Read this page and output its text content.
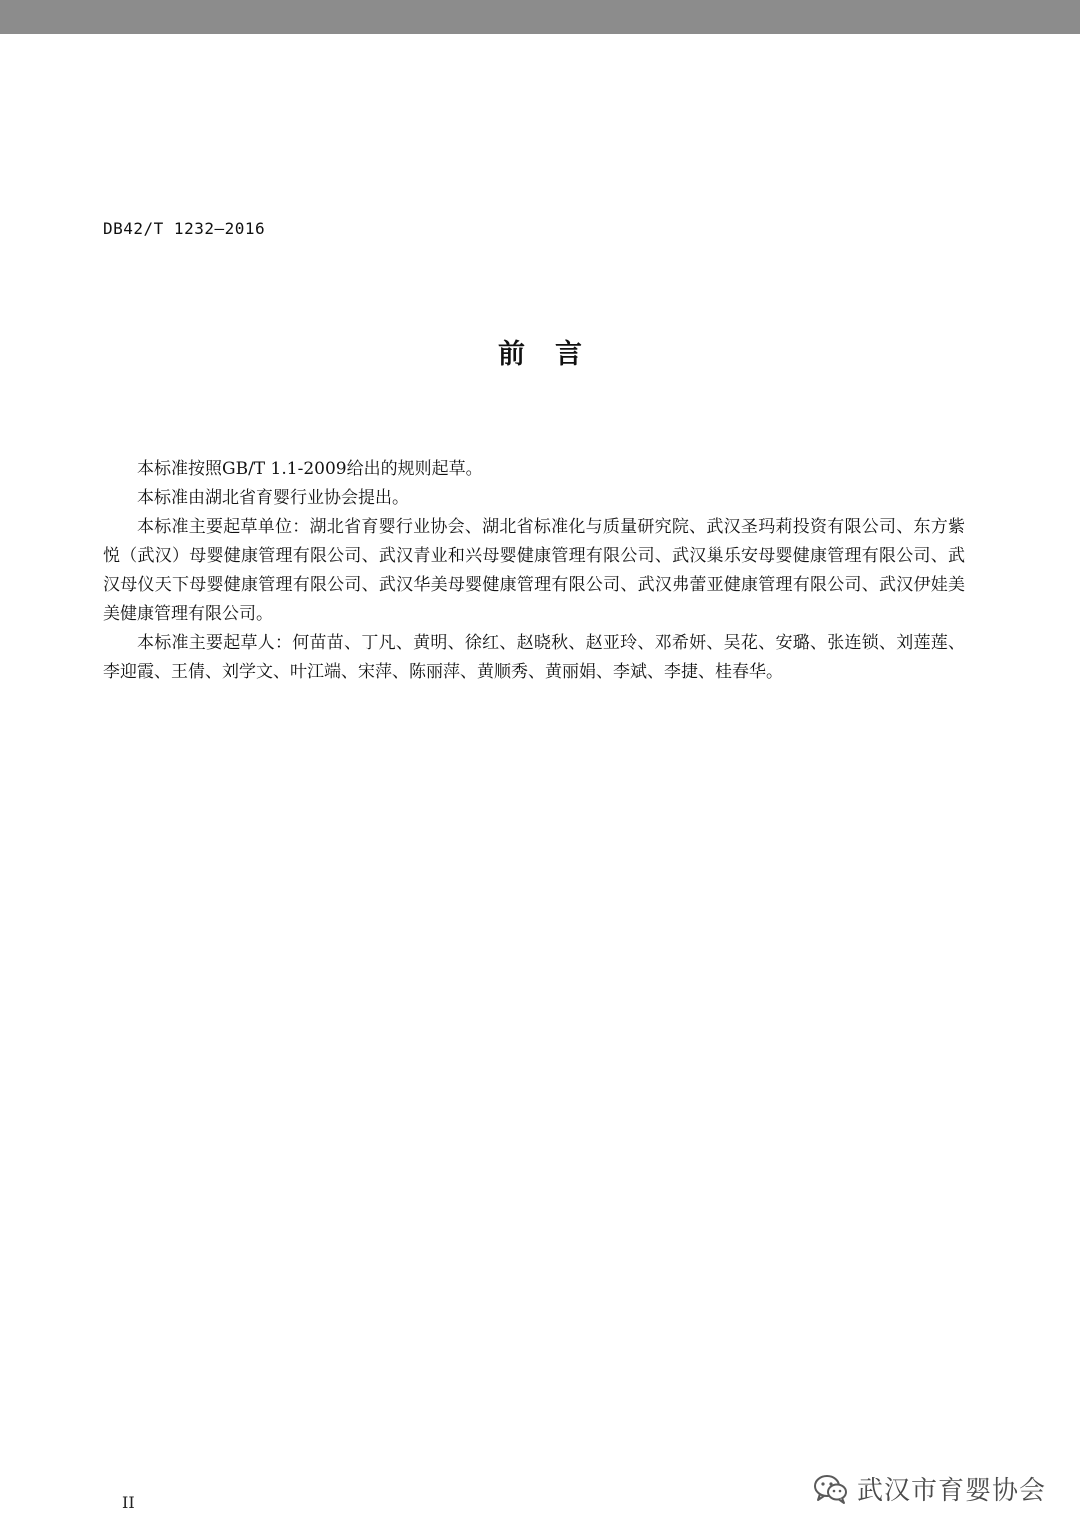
DB42/T 1232—2016
前言

本标准按照GB/T 1.1-2009给出的规则起草。

本标准由湖北省育婴行业协会提出。

本标准主要起草单位：湖北省育婴行业协会、湖北省标准化与质量研究院、武汉圣玛莉投资有限公司、东方紫悦（武汉）母婴健康管理有限公司、武汉青业和兴母婴健康管理有限公司、武汉巢乐安母婴健康管理有限公司、武汉母仪天下母婴健康管理有限公司、武汉华美母婴健康管理有限公司、武汉弗蕾亚健康管理有限公司、武汉伊娃美美健康管理有限公司。

本标准主要起草人：何苗苗、丁凡、黄明、徐红、赵晓秋、赵亚玲、邓希妍、吴花、安璐、张连锁、刘莲莲、李迎霞、王倩、刘学文、叶江端、宋萍、陈丽萍、黄顺秀、黄丽娟、李斌、李捷、桂春华。

II	武汉市育婴协会
